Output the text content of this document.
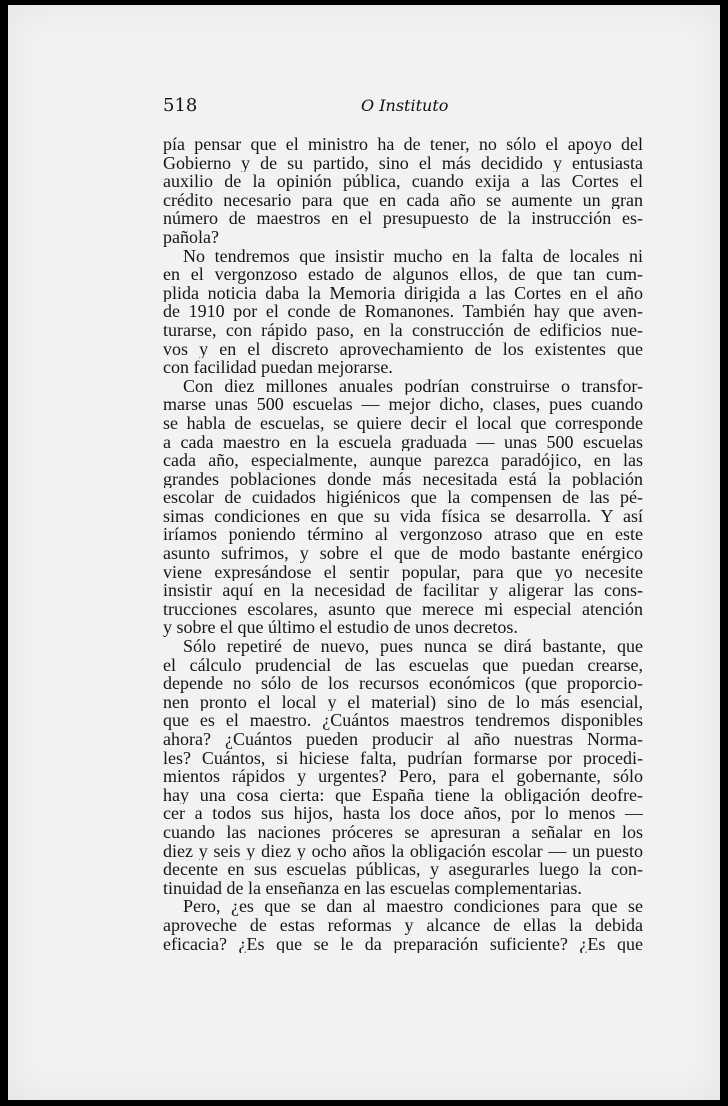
518	O Instituto
pía pensar que el ministro ha de tener, no sólo el apoyo del
Gobierno y de su partido, sino el más decidido y entusiasta
auxilio de la opinión pública, cuando exija a las Cortes el
crédito necesario para que en cada año se aumente un gran
número de maestros en el presupuesto de la instrucción es-
pañola?
No tendremos que insistir mucho en la falta de locales ni
en el vergonzoso estado de algunos ellos, de que tan cum-
plida noticia daba la Memoria dirigida a las Cortes en el año
de 1910 por el conde de Romanones. También hay que aven-
turarse, con rápido paso, en la construcción de edificios nue-
vos y en el discreto aprovechamiento de los existentes que
con facilidad puedan mejorarse.
Con diez millones anuales podrían construirse o transfor-
marse unas 500 escuelas — mejor dicho, clases, pues cuando
se habla de escuelas, se quiere decir el local que corresponde
a cada maestro en la escuela graduada — unas 500 escuelas
cada año, especialmente, aunque parezca paradójico, en las
grandes poblaciones donde más necesitada está la población
escolar de cuidados higiénicos que la compensen de las pé-
simas condiciones en que su vida física se desarrolla. Y así
iríamos poniendo término al vergonzoso atraso que en este
asunto sufrimos, y sobre el que de modo bastante enérgico
viene expresándose el sentir popular, para que yo necesite
insistir aquí en la necesidad de facilitar y aligerar las cons-
trucciones escolares, asunto que merece mi especial atención
y sobre el que último el estudio de unos decretos.
Sólo repetiré de nuevo, pues nunca se dirá bastante, que
el cálculo prudencial de las escuelas que puedan crearse,
depende no sólo de los recursos económicos (que proporcio-
nen pronto el local y el material) sino de lo más esencial,
que es el maestro. ¿Cuántos maestros tendremos disponibles
ahora? ¿Cuántos pueden producir al año nuestras Norma-
les? Cuántos, si hiciese falta, pudrían formarse por procedi-
mientos rápidos y urgentes? Pero, para el gobernante, sólo
hay una cosa cierta: que España tiene la obligación deofre-
cer a todos sus hijos, hasta los doce años, por lo menos —
cuando las naciones próceres se apresuran a señalar en los
diez y seis y diez y ocho años la obligación escolar — un puesto
decente en sus escuelas públicas, y asegurarles luego la con-
tinuidad de la enseñanza en las escuelas complementarias.
Pero, ¿es que se dan al maestro condiciones para que se
aproveche de estas reformas y alcance de ellas la debida
eficacia? ¿Es que se le da preparación suficiente? ¿Es que
